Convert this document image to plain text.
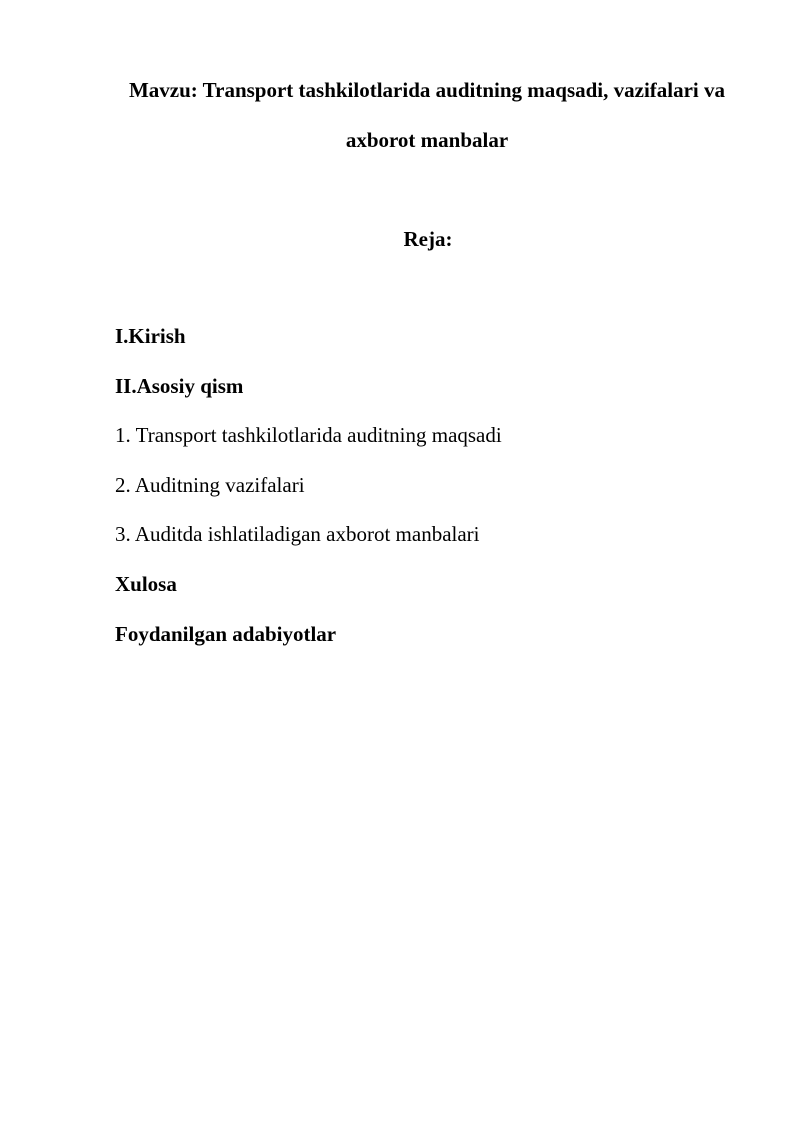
Mavzu: Transport tashkilotlarida auditning maqsadi, vazifalari va
axborot manbalar
Reja:
I.Kirish
II.Asosiy qism
1. Transport tashkilotlarida auditning maqsadi
2. Auditning vazifalari
3. Auditda ishlatiladigan axborot manbalari
Xulosa
Foydanilgan adabiyotlar
